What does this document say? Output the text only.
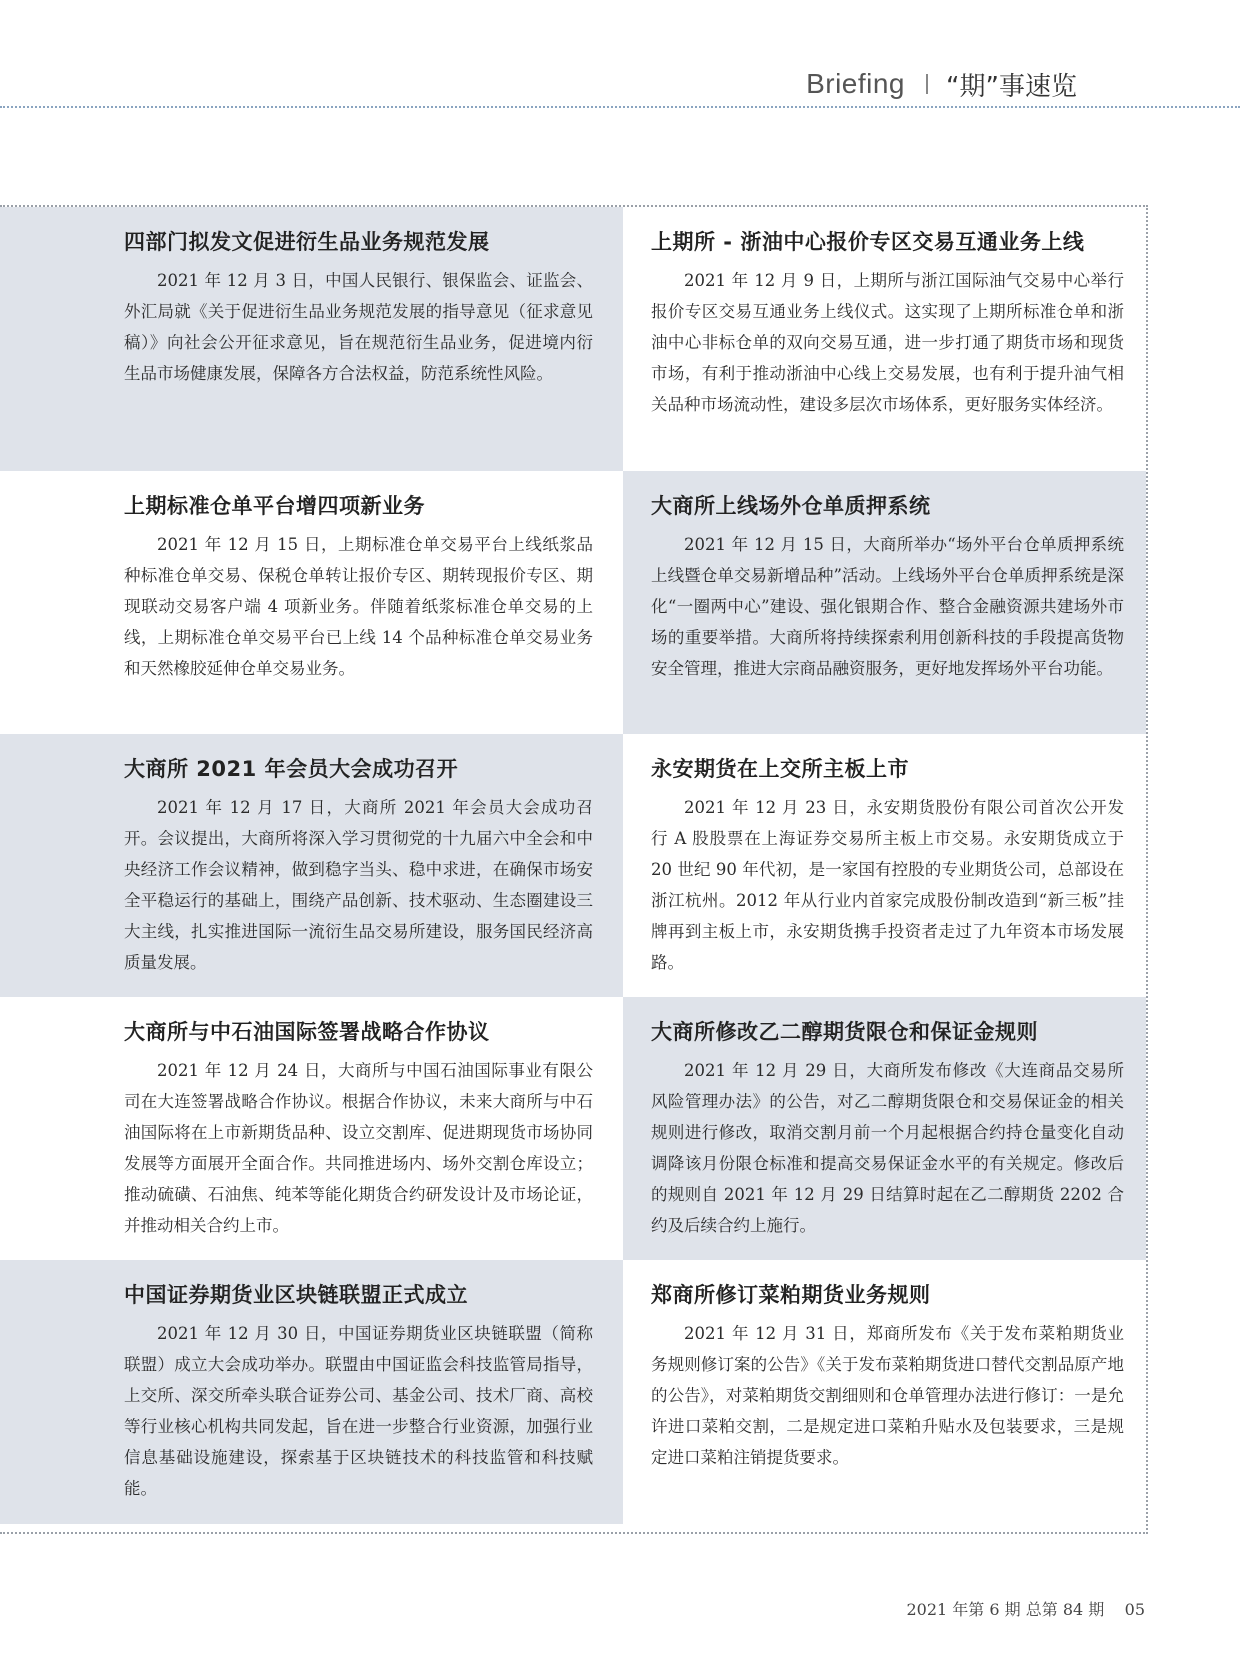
Briefing “期”事速览
四部门拟发文促进衍生品业务规范发展

2021 年 12 月 3 日，中国人民银行、银保监会、证监会、外汇局就《关于促进衍生品业务规范发展的指导意见（征求意见稿）》向社会公开征求意见，旨在规范衍生品业务，促进境内衍生品市场健康发展，保障各方合法权益，防范系统性风险。

上期所 - 浙油中心报价专区交易互通业务上线

2021 年 12 月 9 日，上期所与浙江国际油气交易中心举行报价专区交易互通业务上线仪式。这实现了上期所标准仓单和浙油中心非标仓单的双向交易互通，进一步打通了期货市场和现货市场，有利于推动浙油中心线上交易发展，也有利于提升油气相关品种市场流动性，建设多层次市场体系，更好服务实体经济。

上期标准仓单平台增四项新业务

2021 年 12 月 15 日，上期标准仓单交易平台上线纸浆品种标准仓单交易、保税仓单转让报价专区、期转现报价专区、期现联动交易客户端 4 项新业务。伴随着纸浆标准仓单交易的上线，上期标准仓单交易平台已上线 14 个品种标准仓单交易业务和天然橡胶延伸仓单交易业务。

大商所上线场外仓单质押系统

2021 年 12 月 15 日，大商所举办“场外平台仓单质押系统上线暨仓单交易新增品种”活动。上线场外平台仓单质押系统是深化“一圈两中心”建设、强化银期合作、整合金融资源共建场外市场的重要举措。大商所将持续探索利用创新科技的手段提高货物安全管理，推进大宗商品融资服务，更好地发挥场外平台功能。

大商所 2021 年会员大会成功召开

2021 年 12 月 17 日，大商所 2021 年会员大会成功召开。会议提出，大商所将深入学习贯彻党的十九届六中全会和中央经济工作会议精神，做到稳字当头、稳中求进，在确保市场安全平稳运行的基础上，围绕产品创新、技术驱动、生态圈建设三大主线，扎实推进国际一流衍生品交易所建设，服务国民经济高质量发展。

永安期货在上交所主板上市

2021 年 12 月 23 日，永安期货股份有限公司首次公开发行 A 股股票在上海证券交易所主板上市交易。永安期货成立于 20 世纪 90 年代初，是一家国有控股的专业期货公司，总部设在浙江杭州。2012 年从行业内首家完成股份制改造到“新三板”挂牌再到主板上市，永安期货携手投资者走过了九年资本市场发展路。

大商所与中石油国际签署战略合作协议

2021 年 12 月 24 日，大商所与中国石油国际事业有限公司在大连签署战略合作协议。根据合作协议，未来大商所与中石油国际将在上市新期货品种、设立交割库、促进期现货市场协同发展等方面展开全面合作。共同推进场内、场外交割仓库设立；推动硫磺、石油焦、纯苯等能化期货合约研发设计及市场论证，并推动相关合约上市。

大商所修改乙二醇期货限仓和保证金规则

2021 年 12 月 29 日，大商所发布修改《大连商品交易所风险管理办法》的公告，对乙二醇期货限仓和交易保证金的相关规则进行修改，取消交割月前一个月起根据合约持仓量变化自动调降该月份限仓标准和提高交易保证金水平的有关规定。修改后的规则自 2021 年 12 月 29 日结算时起在乙二醇期货 2202 合约及后续合约上施行。

中国证券期货业区块链联盟正式成立

2021 年 12 月 30 日，中国证券期货业区块链联盟（简称联盟）成立大会成功举办。联盟由中国证监会科技监管局指导，上交所、深交所牵头联合证券公司、基金公司、技术厂商、高校等行业核心机构共同发起，旨在进一步整合行业资源，加强行业信息基础设施建设，探索基于区块链技术的科技监管和科技赋能。

郑商所修订菜粕期货业务规则

2021 年 12 月 31 日，郑商所发布《关于发布菜粕期货业务规则修订案的公告》《关于发布菜粕期货进口替代交割品原产地的公告》，对菜粕期货交割细则和仓单管理办法进行修订：一是允许进口菜粕交割，二是规定进口菜粕升贴水及包装要求，三是规定进口菜粕注销提货要求。

2021 年第 6 期 总第 84 期 05
